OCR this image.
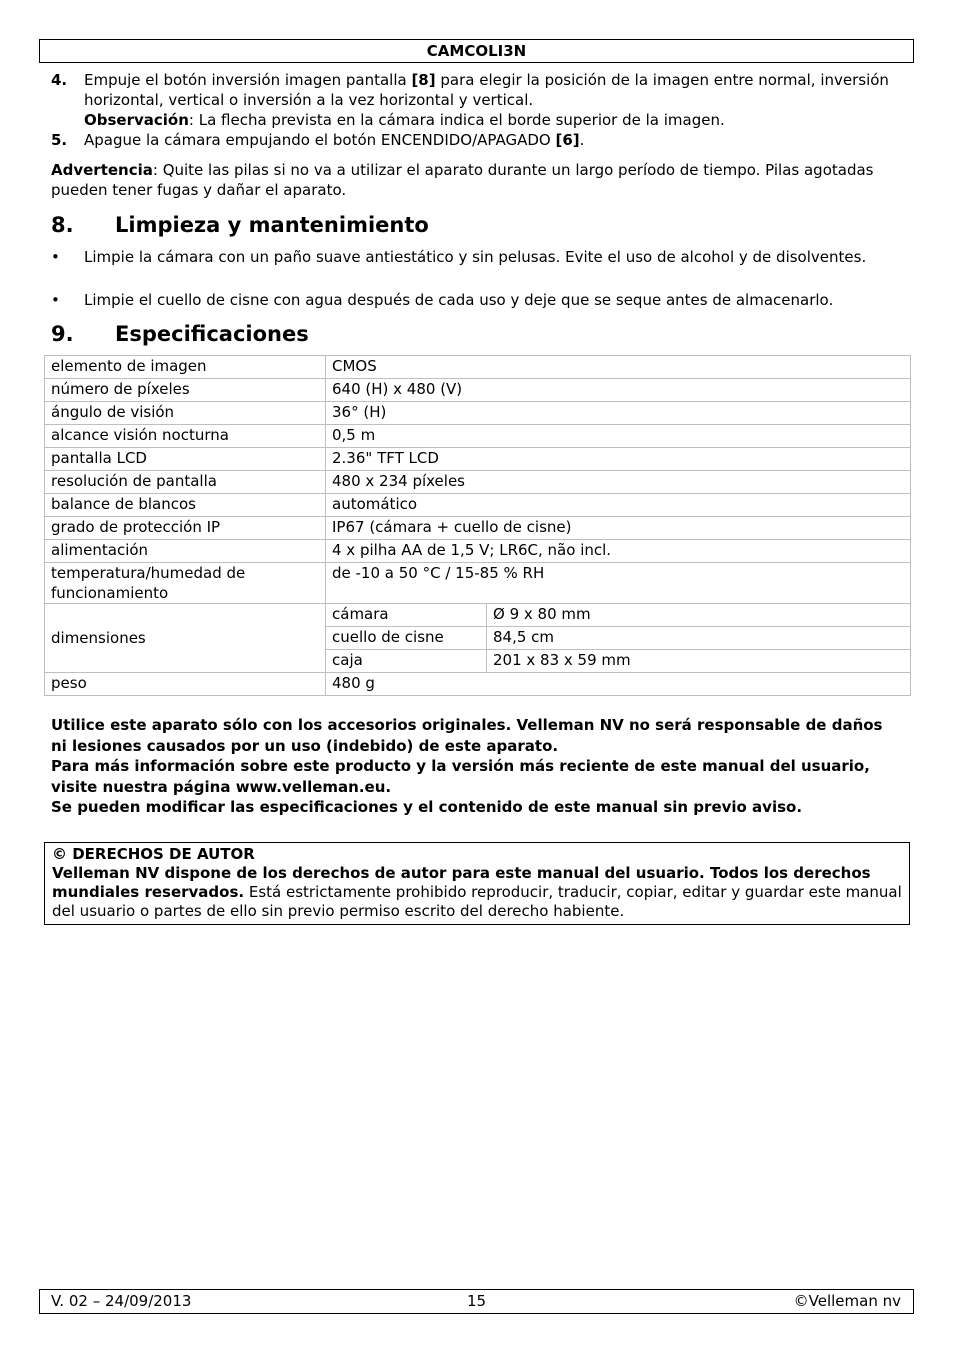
CAMCOLI3N
4. Empuje el botón inversión imagen pantalla [8] para elegir la posición de la imagen entre normal, inversión horizontal, vertical o inversión a la vez horizontal y vertical.
Observación: La flecha prevista en la cámara indica el borde superior de la imagen.
5. Apague la cámara empujando el botón ENCENDIDO/APAGADO [6].
Advertencia: Quite las pilas si no va a utilizar el aparato durante un largo período de tiempo. Pilas agotadas pueden tener fugas y dañar el aparato.
8. Limpieza y mantenimiento
• Limpie la cámara con un paño suave antiestático y sin pelusas. Evite el uso de alcohol y de disolventes.
• Limpie el cuello de cisne con agua después de cada uso y deje que se seque antes de almacenarlo.
9. Especificaciones
elemento de imagen	CMOS	
número de píxeles	640 (H) x 480 (V)	
ángulo de visión	36° (H)	
alcance visión nocturna	0,5 m	
pantalla LCD	2.36" TFT LCD	
resolución de pantalla	480 x 234 píxeles	
balance de blancos	automático	
grado de protección IP	IP67 (cámara + cuello de cisne)	
alimentación	4 x pilha AA de 1,5 V; LR6C, não incl.	
temperatura/humedad de funcionamiento	de -10 a 50 °C / 15-85 % RH	
dimensiones	cámara	Ø 9 x 80 mm
	cuello de cisne	84,5 cm
	caja	201 x 83 x 59 mm
peso	480 g	
Utilice este aparato sólo con los accesorios originales. Velleman NV no será responsable de daños ni lesiones causados por un uso (indebido) de este aparato.
Para más información sobre este producto y la versión más reciente de este manual del usuario, visite nuestra página www.velleman.eu.
Se pueden modificar las especificaciones y el contenido de este manual sin previo aviso.
© DERECHOS DE AUTOR
Velleman NV dispone de los derechos de autor para este manual del usuario. Todos los derechos mundiales reservados. Está estrictamente prohibido reproducir, traducir, copiar, editar y guardar este manual del usuario o partes de ello sin previo permiso escrito del derecho habiente.
15
V. 02 – 24/09/2013	©Velleman nv
